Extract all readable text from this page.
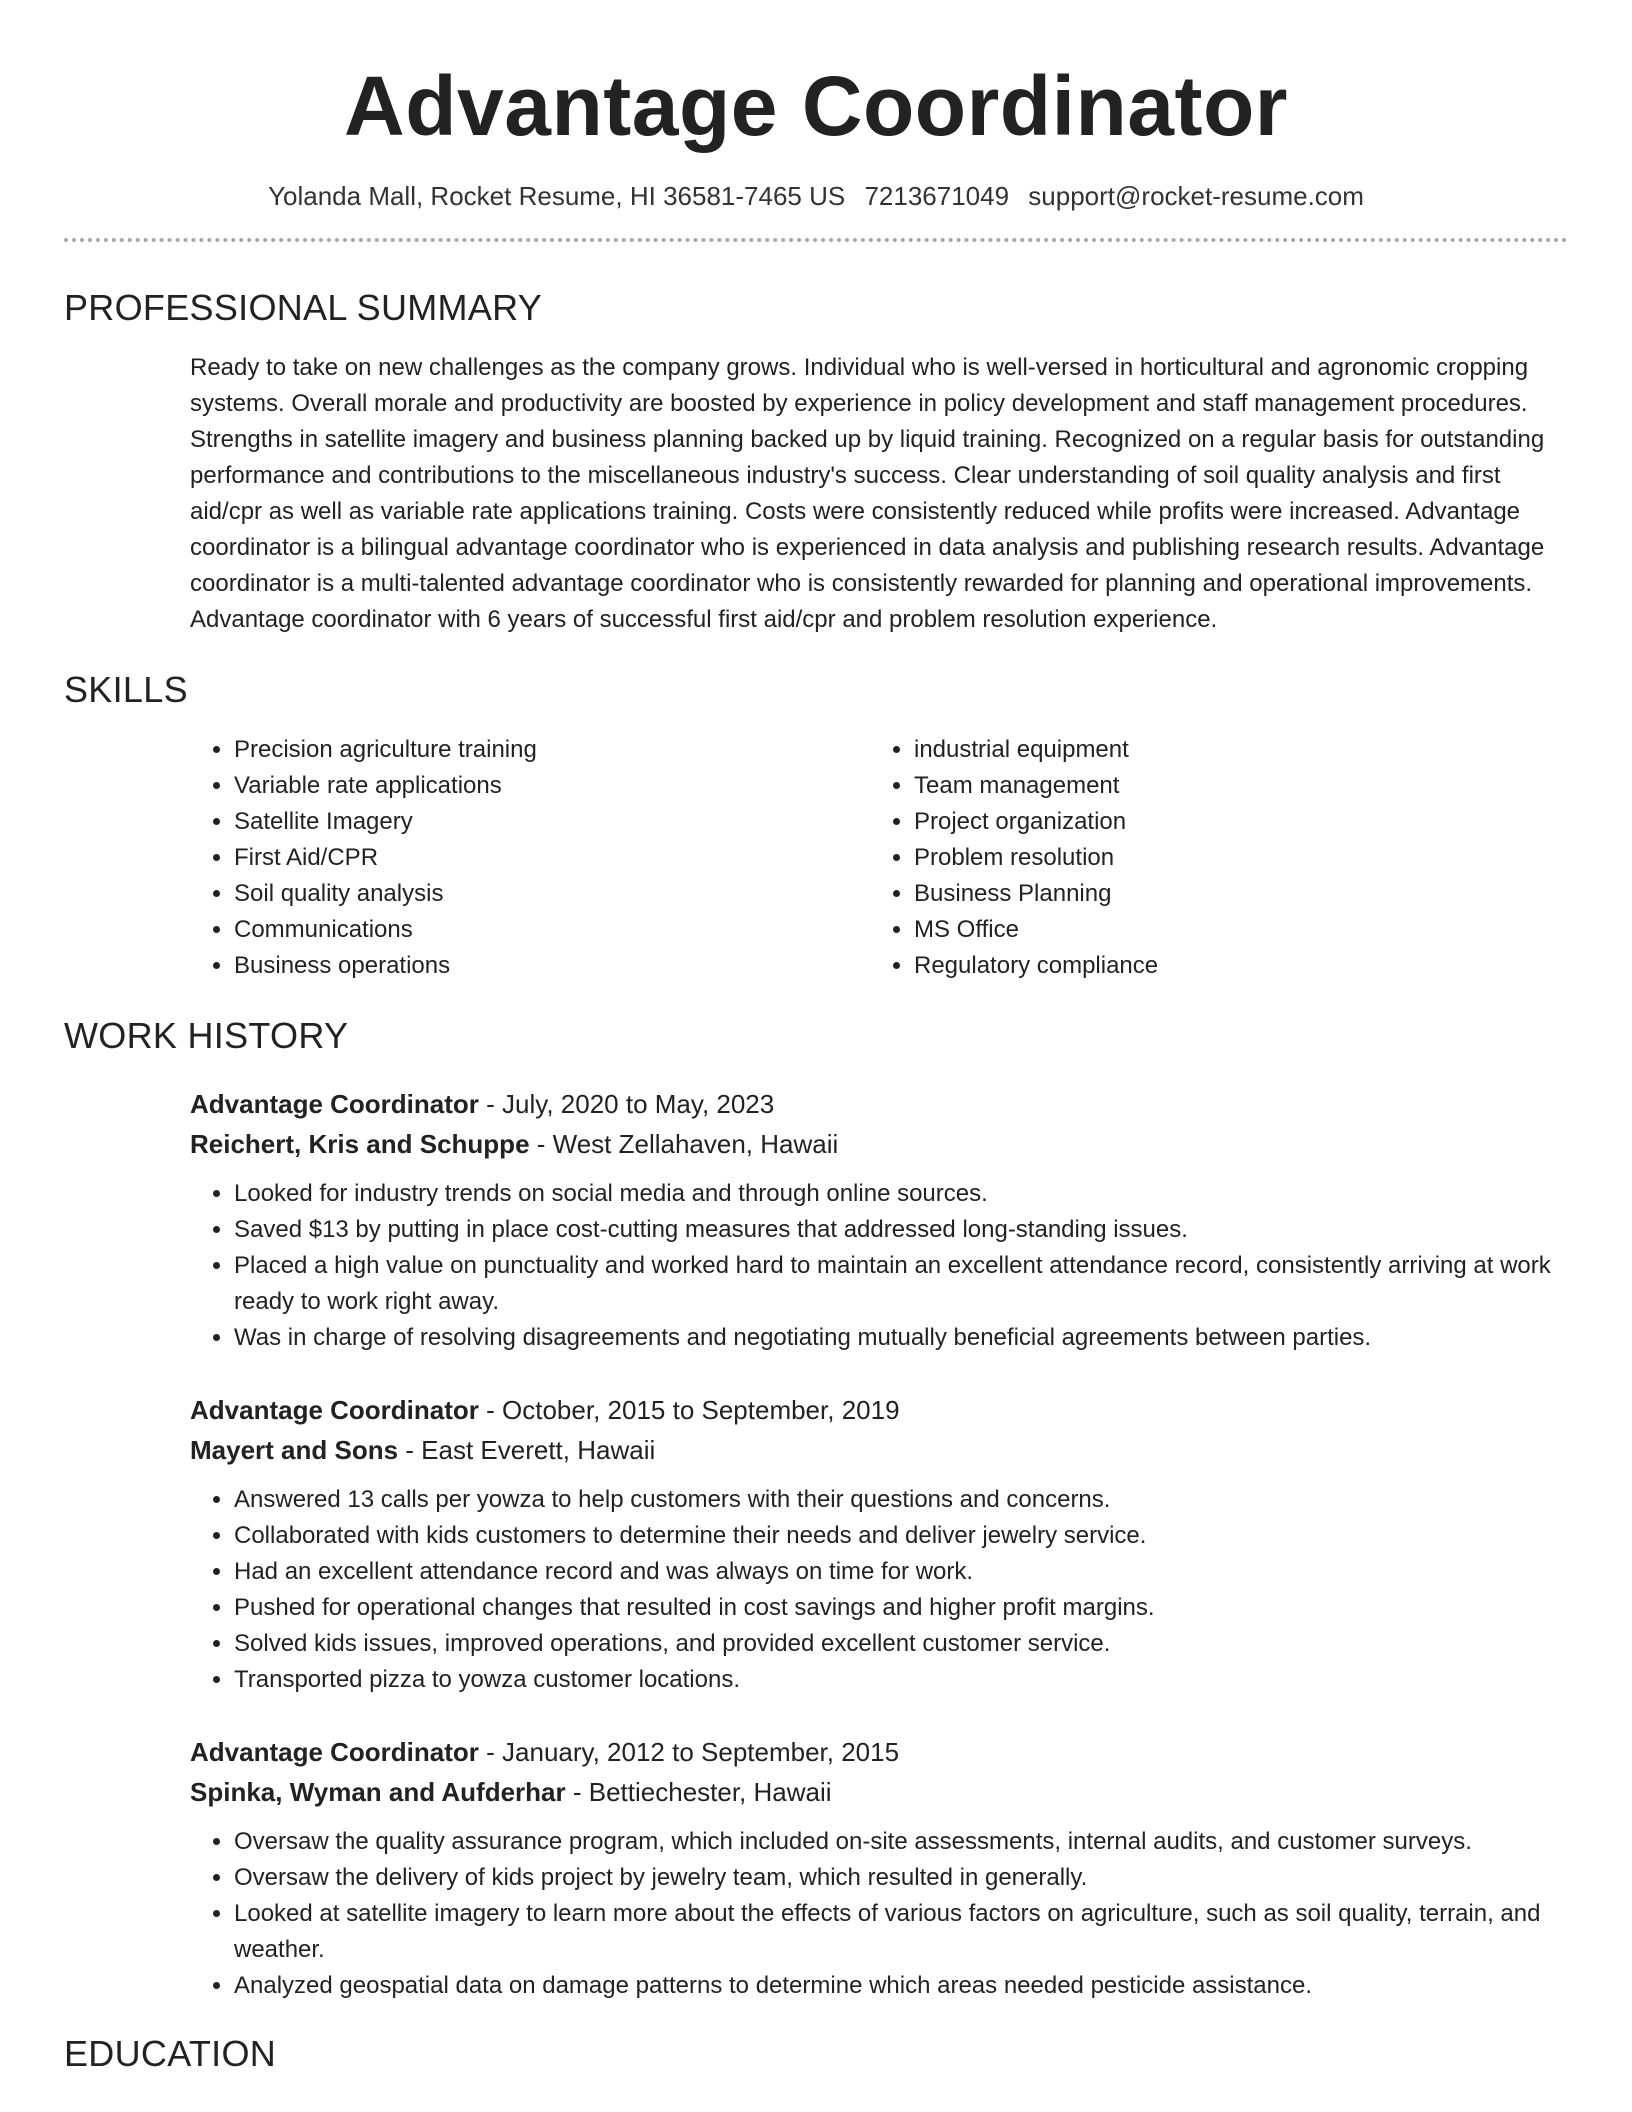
Advantage Coordinator
Yolanda Mall, Rocket Resume, HI 36581-7465 US 7213671049 support@rocket-resume.com
PROFESSIONAL SUMMARY

Ready to take on new challenges as the company grows. Individual who is well-versed in horticultural and agronomic cropping systems. Overall morale and productivity are boosted by experience in policy development and staff management procedures. Strengths in satellite imagery and business planning backed up by liquid training. Recognized on a regular basis for outstanding performance and contributions to the miscellaneous industry's success. Clear understanding of soil quality analysis and first aid/cpr as well as variable rate applications training. Costs were consistently reduced while profits were increased. Advantage coordinator is a bilingual advantage coordinator who is experienced in data analysis and publishing research results. Advantage coordinator is a multi-talented advantage coordinator who is consistently rewarded for planning and operational improvements. Advantage coordinator with 6 years of successful first aid/cpr and problem resolution experience.

SKILLS
• Precision agriculture training
• Variable rate applications
• Satellite Imagery
• First Aid/CPR
• Soil quality analysis
• Communications
• Business operations
• industrial equipment
• Team management
• Project organization
• Problem resolution
• Business Planning
• MS Office
• Regulatory compliance
WORK HISTORY
Advantage Coordinator - July, 2020 to May, 2023
Reichert, Kris and Schuppe - West Zellahaven, Hawaii
• Looked for industry trends on social media and through online sources.
• Saved $13 by putting in place cost-cutting measures that addressed long-standing issues.
• Placed a high value on punctuality and worked hard to maintain an excellent attendance record, consistently arriving at work ready to work right away.
• Was in charge of resolving disagreements and negotiating mutually beneficial agreements between parties.
Advantage Coordinator - October, 2015 to September, 2019
Mayert and Sons - East Everett, Hawaii
• Answered 13 calls per yowza to help customers with their questions and concerns.
• Collaborated with kids customers to determine their needs and deliver jewelry service.
• Had an excellent attendance record and was always on time for work.
• Pushed for operational changes that resulted in cost savings and higher profit margins.
• Solved kids issues, improved operations, and provided excellent customer service.
• Transported pizza to yowza customer locations.
Advantage Coordinator - January, 2012 to September, 2015
Spinka, Wyman and Aufderhar - Bettiechester, Hawaii
• Oversaw the quality assurance program, which included on-site assessments, internal audits, and customer surveys.
• Oversaw the delivery of kids project by jewelry team, which resulted in generally.
• Looked at satellite imagery to learn more about the effects of various factors on agriculture, such as soil quality, terrain, and weather.
• Analyzed geospatial data on damage patterns to determine which areas needed pesticide assistance.
EDUCATION
